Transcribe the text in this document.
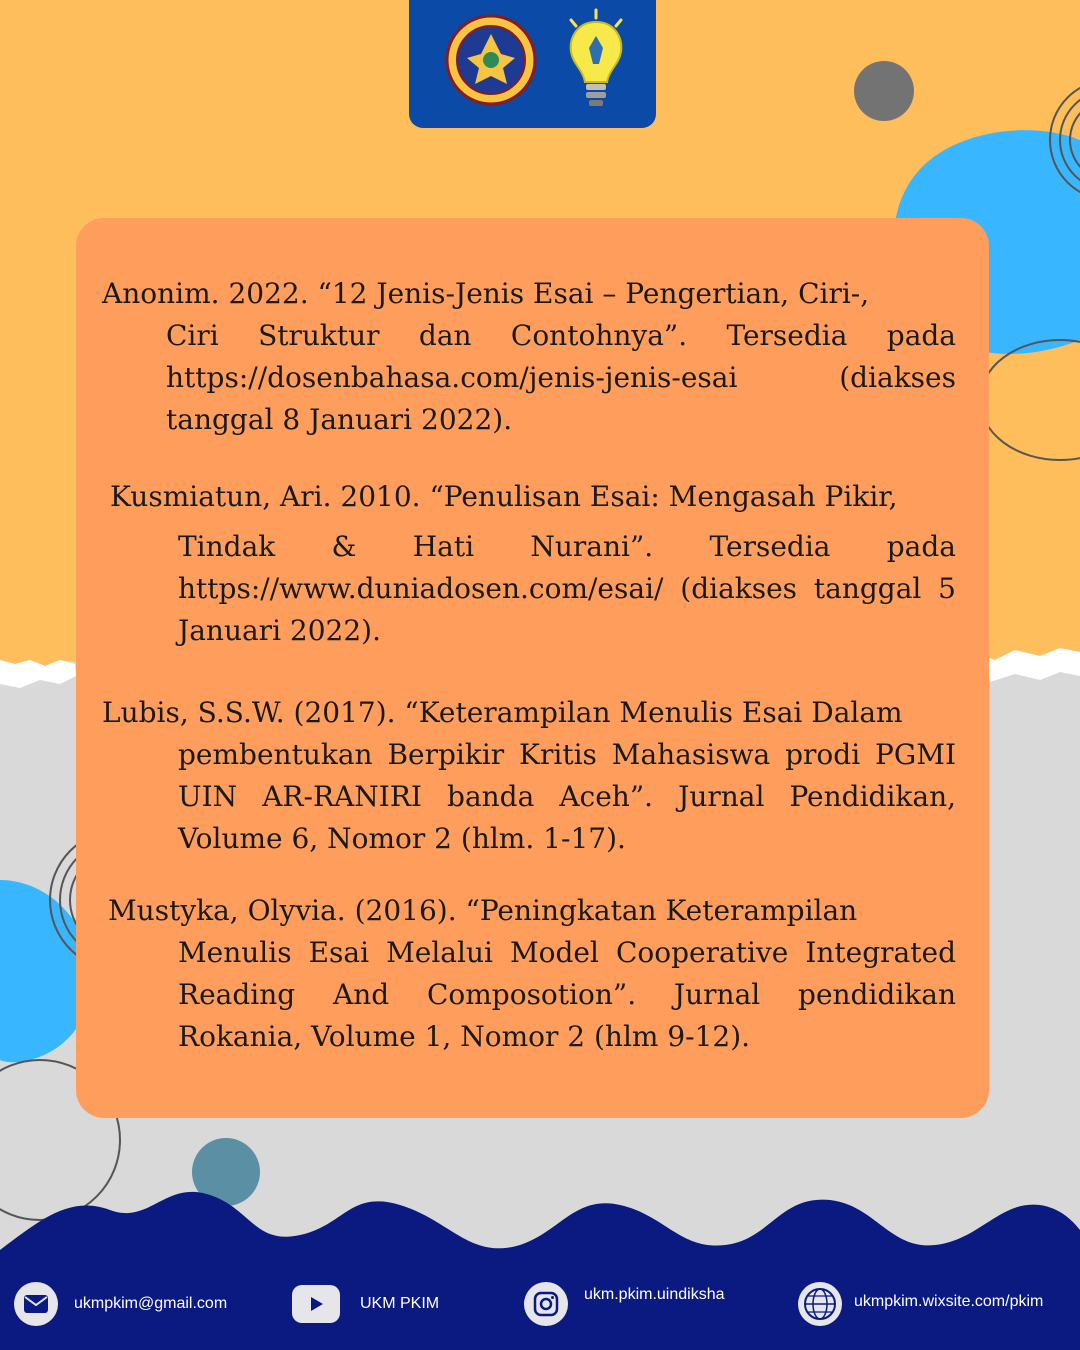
Anonim. 2022. “12 Jenis-Jenis Esai – Pengertian, Ciri-,
Ciri Struktur dan Contohnya”. Tersedia pada https://dosenbahasa.com/jenis-jenis-esai (diakses tanggal 8 Januari 2022).
Kusmiatun, Ari. 2010. “Penulisan Esai: Mengasah Pikir,
Tindak & Hati Nurani”. Tersedia pada https://www.duniadosen.com/esai/ (diakses tanggal 5 Januari 2022).
Lubis, S.S.W. (2017). “Keterampilan Menulis Esai Dalam
pembentukan Berpikir Kritis Mahasiswa prodi PGMI UIN AR-RANIRI banda Aceh”. Jurnal Pendidikan, Volume 6, Nomor 2 (hlm. 1-17).
Mustyka, Olyvia. (2016). “Peningkatan Keterampilan
Menulis Esai Melalui Model Cooperative Integrated Reading And Composotion”. Jurnal pendidikan Rokania, Volume 1, Nomor 2 (hlm 9-12).
ukmpkim@gmail.com	UKM PKIM
ukm.pkim.uindiksha	ukmpkim.wixsite.com/pkim
